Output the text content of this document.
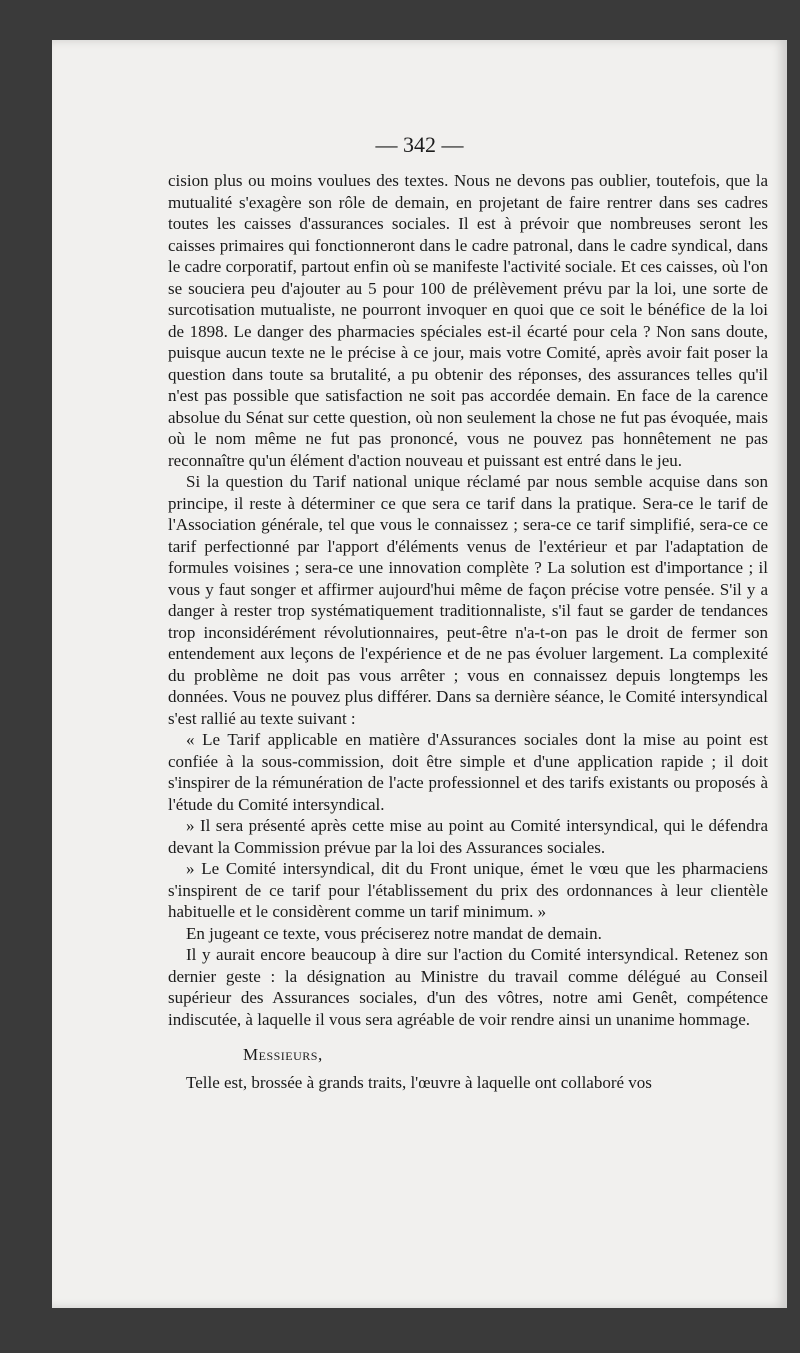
— 342 —

cision plus ou moins voulues des textes. Nous ne devons pas oublier, toutefois, que la mutualité s'exagère son rôle de demain, en projetant de faire rentrer dans ses cadres toutes les caisses d'assurances sociales. Il est à prévoir que nombreuses seront les caisses primaires qui fonctionneront dans le cadre patronal, dans le cadre syndical, dans le cadre corporatif, partout enfin où se manifeste l'activité sociale. Et ces caisses, où l'on se souciera peu d'ajouter au 5 pour 100 de prélèvement prévu par la loi, une sorte de surcotisation mutualiste, ne pourront invoquer en quoi que ce soit le bénéfice de la loi de 1898. Le danger des pharmacies spéciales est-il écarté pour cela ? Non sans doute, puisque aucun texte ne le précise à ce jour, mais votre Comité, après avoir fait poser la question dans toute sa brutalité, a pu obtenir des réponses, des assurances telles qu'il n'est pas possible que satisfaction ne soit pas accordée demain. En face de la carence absolue du Sénat sur cette question, où non seulement la chose ne fut pas évoquée, mais où le nom même ne fut pas prononcé, vous ne pouvez pas honnêtement ne pas reconnaître qu'un élément d'action nouveau et puissant est entré dans le jeu.

Si la question du Tarif national unique réclamé par nous semble acquise dans son principe, il reste à déterminer ce que sera ce tarif dans la pratique. Sera-ce le tarif de l'Association générale, tel que vous le connaissez ; sera-ce ce tarif simplifié, sera-ce ce tarif perfectionné par l'apport d'éléments venus de l'extérieur et par l'adaptation de formules voisines ; sera-ce une innovation complète ? La solution est d'importance ; il vous y faut songer et affirmer aujourd'hui même de façon précise votre pensée. S'il y a danger à rester trop systématiquement traditionnaliste, s'il faut se garder de tendances trop inconsidérément révolutionnaires, peut-être n'a-t-on pas le droit de fermer son entendement aux leçons de l'expérience et de ne pas évoluer largement. La complexité du problème ne doit pas vous arrêter ; vous en connaissez depuis longtemps les données. Vous ne pouvez plus différer. Dans sa dernière séance, le Comité intersyndical s'est rallié au texte suivant :

« Le Tarif applicable en matière d'Assurances sociales dont la mise au point est confiée à la sous-commission, doit être simple et d'une application rapide ; il doit s'inspirer de la rémunération de l'acte professionnel et des tarifs existants ou proposés à l'étude du Comité intersyndical.

» Il sera présenté après cette mise au point au Comité intersyndical, qui le défendra devant la Commission prévue par la loi des Assurances sociales.

» Le Comité intersyndical, dit du Front unique, émet le vœu que les pharmaciens s'inspirent de ce tarif pour l'établissement du prix des ordonnances à leur clientèle habituelle et le considèrent comme un tarif minimum. »

En jugeant ce texte, vous préciserez notre mandat de demain.

Il y aurait encore beaucoup à dire sur l'action du Comité intersyndical. Retenez son dernier geste : la désignation au Ministre du travail comme délégué au Conseil supérieur des Assurances sociales, d'un des vôtres, notre ami Genêt, compétence indiscutée, à laquelle il vous sera agréable de voir rendre ainsi un unanime hommage.

Messieurs,

Telle est, brossée à grands traits, l'œuvre à laquelle ont collaboré vos
